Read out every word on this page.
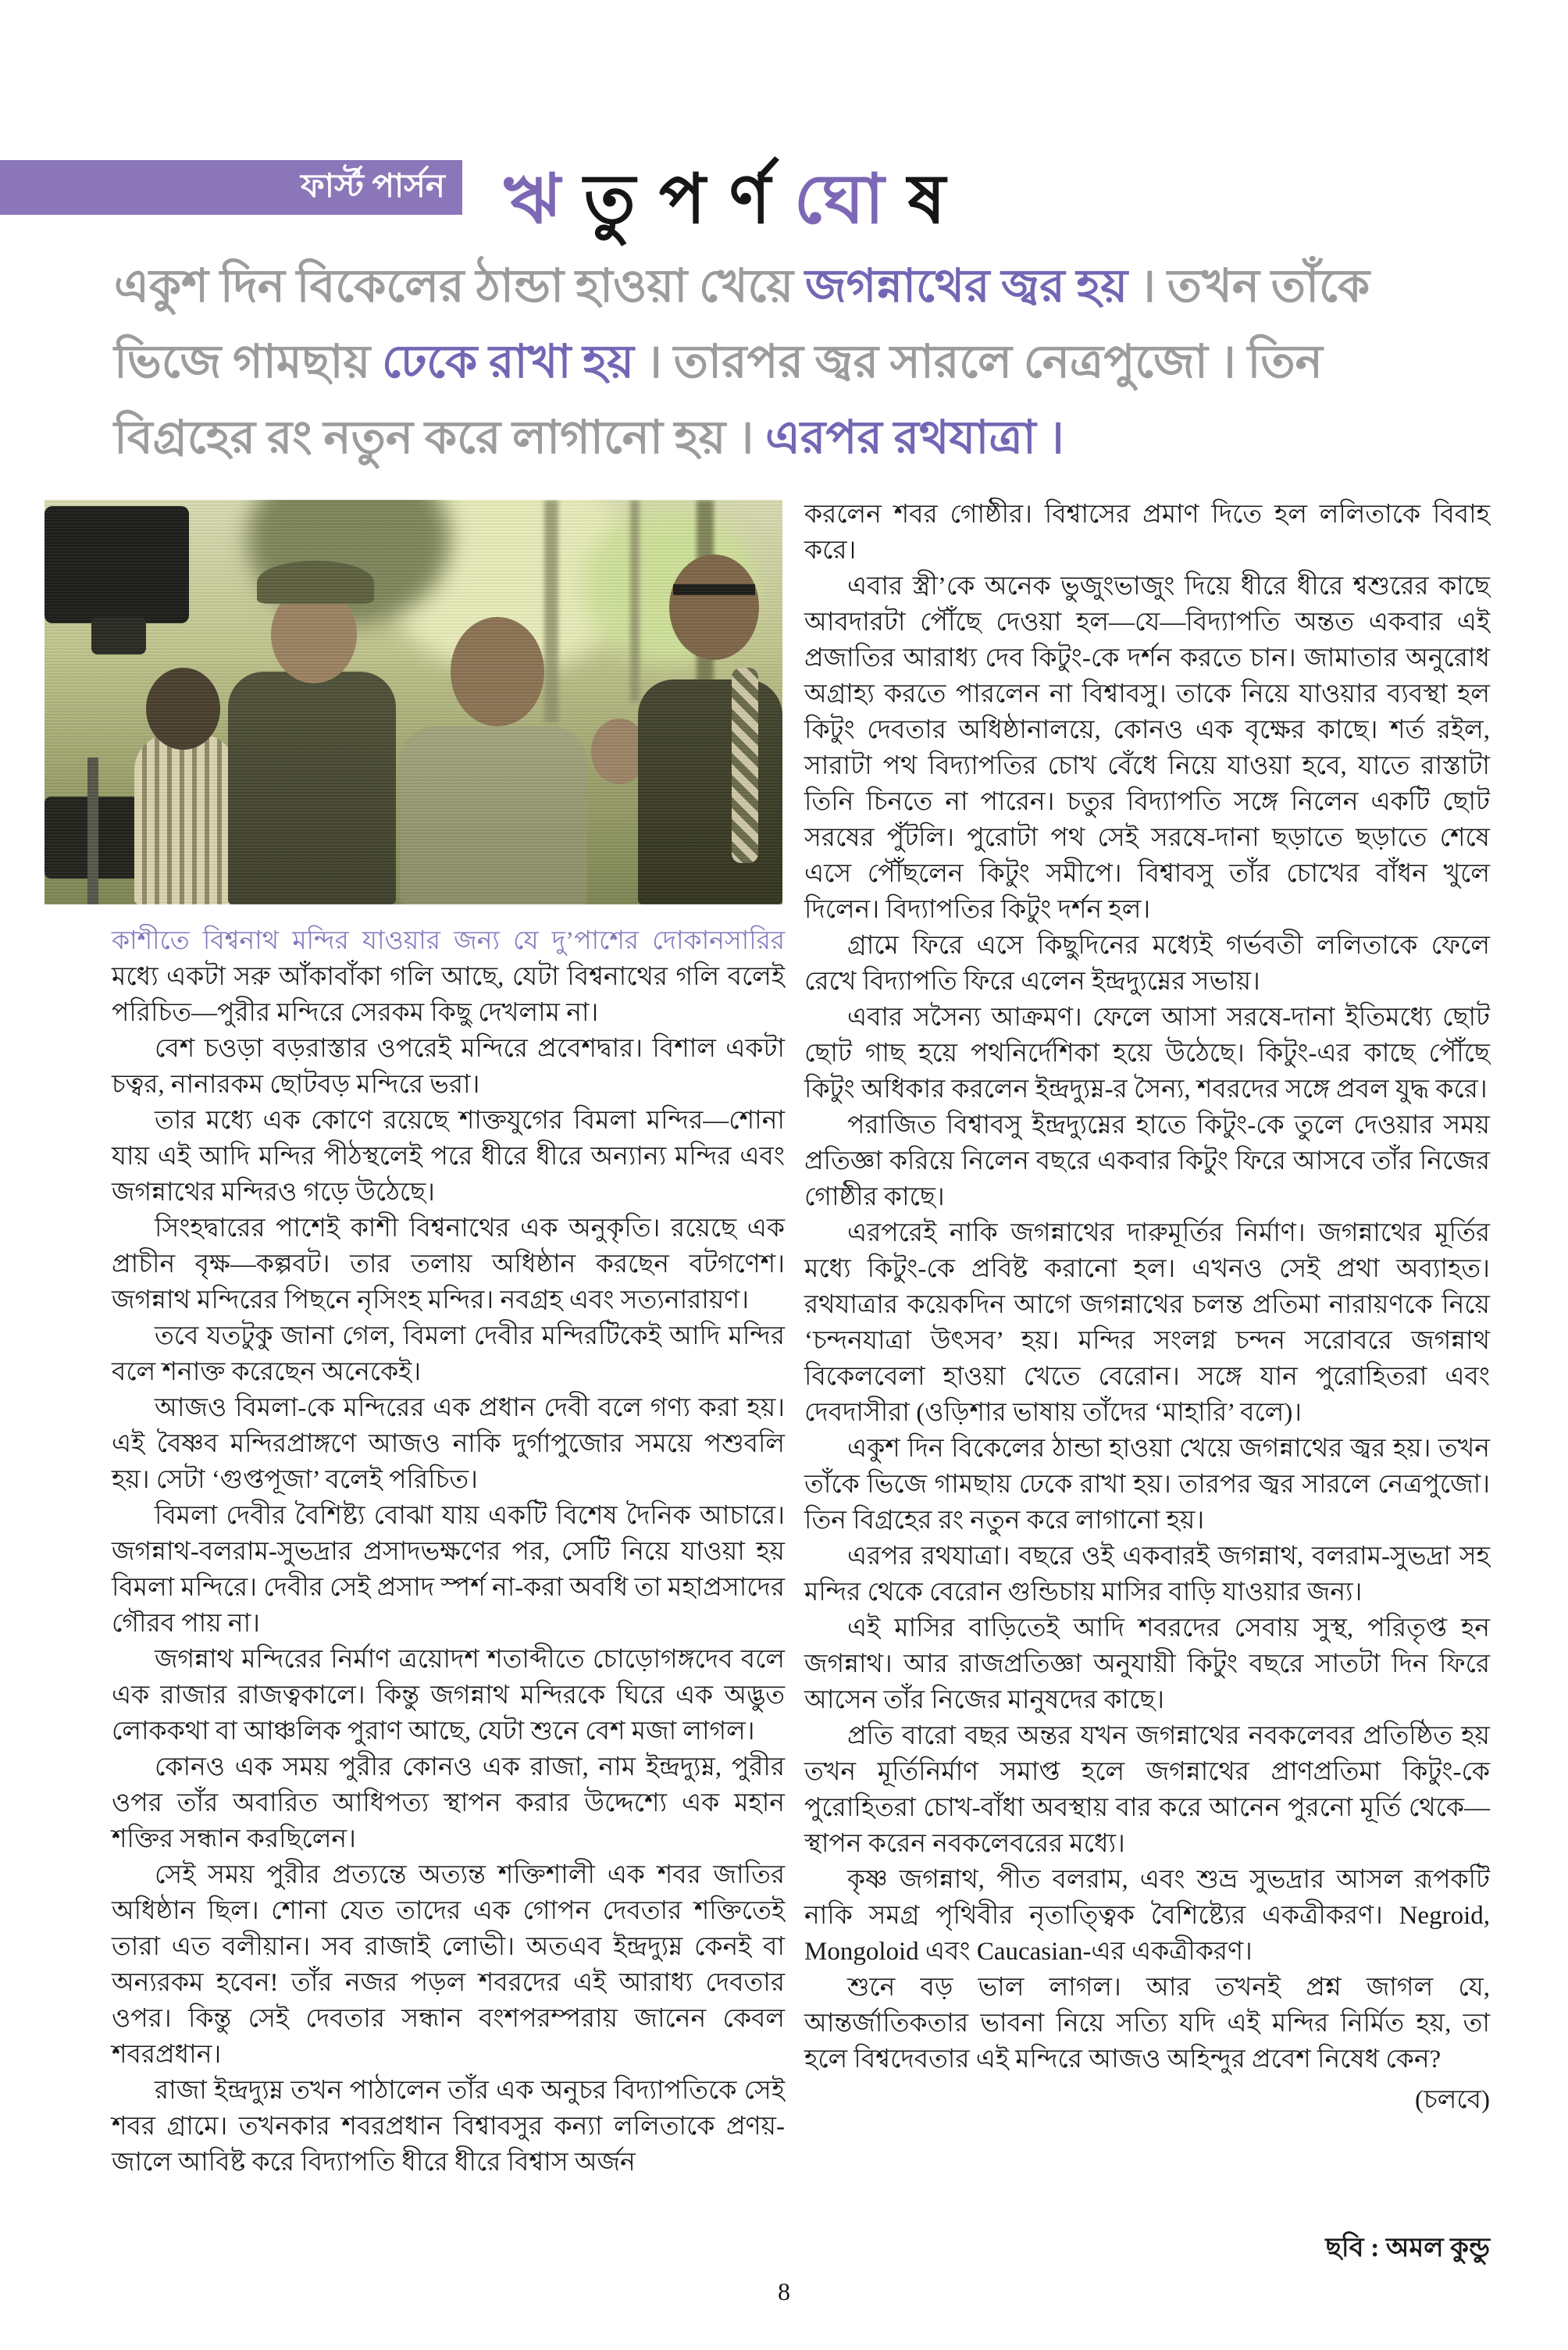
ফার্স্ট পার্সন ঋ তু প র্ণ ঘো ষ
একুশ দিন বিকেলের ঠান্ডা হাওয়া খেয়ে জগন্নাথের জ্বর হয় । তখন তাঁকে
ভিজে গামছায় ঢেকে রাখা হয় । তারপর জ্বর সারলে নেত্রপুজো । তিন
বিগ্রহের রং নতুন করে লাগানো হয় । এরপর রথযাত্রা ।

কাশীতে বিশ্বনাথ মন্দির যাওয়ার জন্য যে দু’পাশের দোকানসারির মধ্যে একটা সরু আঁকাবাঁকা গলি আছে, যেটা বিশ্বনাথের গলি বলেই পরিচিত—পুরীর মন্দিরে সেরকম কিছু দেখলাম না।

বেশ চওড়া বড়রাস্তার ওপরেই মন্দিরে প্রবেশদ্বার। বিশাল একটা চত্বর, নানারকম ছোটবড় মন্দিরে ভরা।

তার মধ্যে এক কোণে রয়েছে শাক্তযুগের বিমলা মন্দির—শোনা যায় এই আদি মন্দির পীঠস্থলেই পরে ধীরে ধীরে অন্যান্য মন্দির এবং জগন্নাথের মন্দিরও গড়ে উঠেছে।

সিংহদ্বারের পাশেই কাশী বিশ্বনাথের এক অনুকৃতি। রয়েছে এক প্রাচীন বৃক্ষ—কল্পবট। তার তলায় অধিষ্ঠান করছেন বটগণেশ। জগন্নাথ মন্দিরের পিছনে নৃসিংহ মন্দির। নবগ্রহ এবং সত্যনারায়ণ।

তবে যতটুকু জানা গেল, বিমলা দেবীর মন্দিরটিকেই আদি মন্দির বলে শনাক্ত করেছেন অনেকেই।

আজও বিমলা-কে মন্দিরের এক প্রধান দেবী বলে গণ্য করা হয়। এই বৈষ্ণব মন্দিরপ্রাঙ্গণে আজও নাকি দুর্গাপুজোর সময়ে পশুবলি হয়। সেটা ‘গুপ্তপূজা’ বলেই পরিচিত।

বিমলা দেবীর বৈশিষ্ট্য বোঝা যায় একটি বিশেষ দৈনিক আচারে। জগন্নাথ-বলরাম-সুভদ্রার প্রসাদভক্ষণের পর, সেটি নিয়ে যাওয়া হয় বিমলা মন্দিরে। দেবীর সেই প্রসাদ স্পর্শ না-করা অবধি তা মহাপ্রসাদের গৌরব পায় না।

জগন্নাথ মন্দিরের নির্মাণ ত্রয়োদশ শতাব্দীতে চোড়োগঙ্গদেব বলে এক রাজার রাজত্বকালে। কিন্তু জগন্নাথ মন্দিরকে ঘিরে এক অদ্ভুত লোককথা বা আঞ্চলিক পুরাণ আছে, যেটা শুনে বেশ মজা লাগল।

কোনও এক সময় পুরীর কোনও এক রাজা, নাম ইন্দ্রদ্যুম্ন, পুরীর ওপর তাঁর অবারিত আধিপত্য স্থাপন করার উদ্দেশ্যে এক মহান শক্তির সন্ধান করছিলেন।

সেই সময় পুরীর প্রত্যন্তে অত্যন্ত শক্তিশালী এক শবর জাতির অধিষ্ঠান ছিল। শোনা যেত তাদের এক গোপন দেবতার শক্তিতেই তারা এত বলীয়ান। সব রাজাই লোভী। অতএব ইন্দ্রদ্যুম্ন কেনই বা অন্যরকম হবেন! তাঁর নজর পড়ল শবরদের এই আরাধ্য দেবতার ওপর। কিন্তু সেই দেবতার সন্ধান বংশপরম্পরায় জানেন কেবল শবরপ্রধান।

রাজা ইন্দ্রদ্যুম্ন তখন পাঠালেন তাঁর এক অনুচর বিদ্যাপতিকে সেই শবর গ্রামে। তখনকার শবরপ্রধান বিশ্বাবসুর কন্যা ললিতাকে প্রণয়-জালে আবিষ্ট করে বিদ্যাপতি ধীরে ধীরে বিশ্বাস অর্জন

করলেন শবর গোষ্ঠীর। বিশ্বাসের প্রমাণ দিতে হল ললিতাকে বিবাহ করে।

এবার স্ত্রী’কে অনেক ভুজুংভাজুং দিয়ে ধীরে ধীরে শ্বশুরের কাছে আবদারটা পৌঁছে দেওয়া হল—যে—বিদ্যাপতি অন্তত একবার এই প্রজাতির আরাধ্য দেব কিটুং-কে দর্শন করতে চান। জামাতার অনুরোধ অগ্রাহ্য করতে পারলেন না বিশ্বাবসু। তাকে নিয়ে যাওয়ার ব্যবস্থা হল কিটুং দেবতার অধিষ্ঠানালয়ে, কোনও এক বৃক্ষের কাছে। শর্ত রইল, সারাটা পথ বিদ্যাপতির চোখ বেঁধে নিয়ে যাওয়া হবে, যাতে রাস্তাটা তিনি চিনতে না পারেন। চতুর বিদ্যাপতি সঙ্গে নিলেন একটি ছোট সরষের পুঁটলি। পুরোটা পথ সেই সরষে-দানা ছড়াতে ছড়াতে শেষে এসে পৌঁছলেন কিটুং সমীপে। বিশ্বাবসু তাঁর চোখের বাঁধন খুলে দিলেন। বিদ্যাপতির কিটুং দর্শন হল।

গ্রামে ফিরে এসে কিছুদিনের মধ্যেই গর্ভবতী ললিতাকে ফেলে রেখে বিদ্যাপতি ফিরে এলেন ইন্দ্রদ্যুম্নের সভায়।

এবার সসৈন্য আক্রমণ। ফেলে আসা সরষে-দানা ইতিমধ্যে ছোট ছোট গাছ হয়ে পথনির্দেশিকা হয়ে উঠেছে। কিটুং-এর কাছে পৌঁছে কিটুং অধিকার করলেন ইন্দ্রদ্যুম্ন-র সৈন্য, শবরদের সঙ্গে প্রবল যুদ্ধ করে।

পরাজিত বিশ্বাবসু ইন্দ্রদ্যুম্নের হাতে কিটুং-কে তুলে দেওয়ার সময় প্রতিজ্ঞা করিয়ে নিলেন বছরে একবার কিটুং ফিরে আসবে তাঁর নিজের গোষ্ঠীর কাছে।

এরপরেই নাকি জগন্নাথের দারুমূর্তির নির্মাণ। জগন্নাথের মূর্তির মধ্যে কিটুং-কে প্রবিষ্ট করানো হল। এখনও সেই প্রথা অব্যাহত। রথযাত্রার কয়েকদিন আগে জগন্নাথের চলন্ত প্রতিমা নারায়ণকে নিয়ে ‘চন্দনযাত্রা উৎসব’ হয়। মন্দির সংলগ্ন চন্দন সরোবরে জগন্নাথ বিকেলবেলা হাওয়া খেতে বেরোন। সঙ্গে যান পুরোহিতরা এবং দেবদাসীরা (ওড়িশার ভাষায় তাঁদের ‘মাহারি’ বলে)।

একুশ দিন বিকেলের ঠান্ডা হাওয়া খেয়ে জগন্নাথের জ্বর হয়। তখন তাঁকে ভিজে গামছায় ঢেকে রাখা হয়। তারপর জ্বর সারলে নেত্রপুজো। তিন বিগ্রহের রং নতুন করে লাগানো হয়।

এরপর রথযাত্রা। বছরে ওই একবারই জগন্নাথ, বলরাম-সুভদ্রা সহ মন্দির থেকে বেরোন গুন্ডিচায় মাসির বাড়ি যাওয়ার জন্য।

এই মাসির বাড়িতেই আদি শবরদের সেবায় সুস্থ, পরিতৃপ্ত হন জগন্নাথ। আর রাজপ্রতিজ্ঞা অনুযায়ী কিটুং বছরে সাতটা দিন ফিরে আসেন তাঁর নিজের মানুষদের কাছে।

প্রতি বারো বছর অন্তর যখন জগন্নাথের নবকলেবর প্রতিষ্ঠিত হয় তখন মূর্তিনির্মাণ সমাপ্ত হলে জগন্নাথের প্রাণপ্রতিমা কিটুং-কে পুরোহিতরা চোখ-বাঁধা অবস্থায় বার করে আনেন পুরনো মূর্তি থেকে—স্থাপন করেন নবকলেবরের মধ্যে।

কৃষ্ণ জগন্নাথ, পীত বলরাম, এবং শুভ্র সুভদ্রার আসল রূপকটি নাকি সমগ্র পৃথিবীর নৃতাত্ত্বিক বৈশিষ্ট্যের একত্রীকরণ। Negroid, Mongoloid এবং Caucasian-এর একত্রীকরণ।

শুনে বড় ভাল লাগল। আর তখনই প্রশ্ন জাগল যে, আন্তর্জাতিকতার ভাবনা নিয়ে সত্যি যদি এই মন্দির নির্মিত হয়, তা হলে বিশ্বদেবতার এই মন্দিরে আজও অহিন্দুর প্রবেশ নিষেধ কেন?

(চলবে)
ছবি : অমল কুন্ডু
8
